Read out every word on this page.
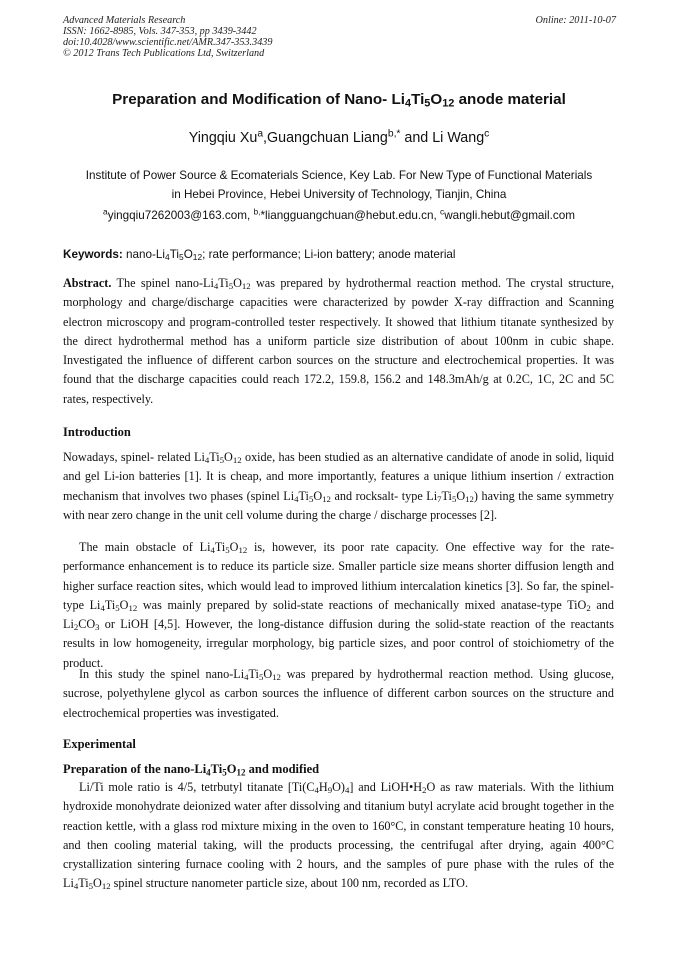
Advanced Materials Research
ISSN: 1662-8985, Vols. 347-353, pp 3439-3442
doi:10.4028/www.scientific.net/AMR.347-353.3439
© 2012 Trans Tech Publications Ltd, Switzerland
Online: 2011-10-07
Preparation and Modification of Nano- $Li_4Ti_5O_{12}$ anode material
Yingqiu Xu$^a$,Guangchuan Liang$^{b,*}$ and Li Wang$^c$
Institute of Power Source & Ecomaterials Science, Key Lab. For New Type of Functional Materials
in Hebei Province, Hebei University of Technology, Tianjin, China
$^a$yingqiu7262003@163.com, $^{b,}$*liangguangchuan@hebut.edu.cn, $^c$wangli.hebut@gmail.com
Keywords: nano-$Li_4Ti_5O_{12}$; rate performance; Li-ion battery; anode material
Abstract. The spinel nano-$Li_4Ti_5O_{12}$ was prepared by hydrothermal reaction method. The crystal structure, morphology and charge/discharge capacities were characterized by powder X-ray diffraction and Scanning electron microscopy and program-controlled tester respectively. It showed that lithium titanate synthesized by the direct hydrothermal method has a uniform particle size distribution of about 100nm in cubic shape. Investigated the influence of different carbon sources on the structure and electrochemical properties. It was found that the discharge capacities could reach 172.2, 159.8, 156.2 and 148.3mAh/g at 0.2C, 1C, 2C and 5C rates, respectively.
Introduction
Nowadays, spinel- related $Li_4Ti_5O_{12}$ oxide, has been studied as an alternative candidate of anode in solid, liquid and gel Li-ion batteries [1]. It is cheap, and more importantly, features a unique lithium insertion / extraction mechanism that involves two phases (spinel $Li_4Ti_5O_{12}$ and rocksalt- type $Li_7Ti_5O_{12}$) having the same symmetry with near zero change in the unit cell volume during the charge / discharge processes [2].
The main obstacle of $Li_4Ti_5O_{12}$ is, however, its poor rate capacity. One effective way for the rate- performance enhancement is to reduce its particle size. Smaller particle size means shorter diffusion length and higher surface reaction sites, which would lead to improved lithium intercalation kinetics [3]. So far, the spinel-type $Li_4Ti_5O_{12}$ was mainly prepared by solid-state reactions of mechanically mixed anatase-type TiO$_2$ and $Li_2CO_3$ or LiOH [4,5]. However, the long-distance diffusion during the solid-state reaction of the reactants results in low homogeneity, irregular morphology, big particle sizes, and poor control of stoichiometry of the product.
In this study the spinel nano-$Li_4Ti_5O_{12}$ was prepared by hydrothermal reaction method. Using glucose, sucrose, polyethylene glycol as carbon sources the influence of different carbon sources on the structure and electrochemical properties was investigated.
Experimental
Preparation of the nano-$Li_4Ti_5O_{12}$ and modified
Li/Ti mole ratio is 4/5, tetrbutyl titanate $[Ti(C_4H_9O)_4]$ and $LiOH•H_2O$ as raw materials. With the lithium hydroxide monohydrate deionized water after dissolving and titanium butyl acrylate acid brought together in the reaction kettle, with a glass rod mixture mixing in the oven to 160°C, in constant temperature heating 10 hours, and then cooling material taking, will the products processing, the centrifugal after drying, again 400°C crystallization sintering furnace cooling with 2 hours, and the samples of pure phase with the rules of the $Li_4Ti_5O_{12}$ spinel structure nanometer particle size, about 100 nm, recorded as LTO.
